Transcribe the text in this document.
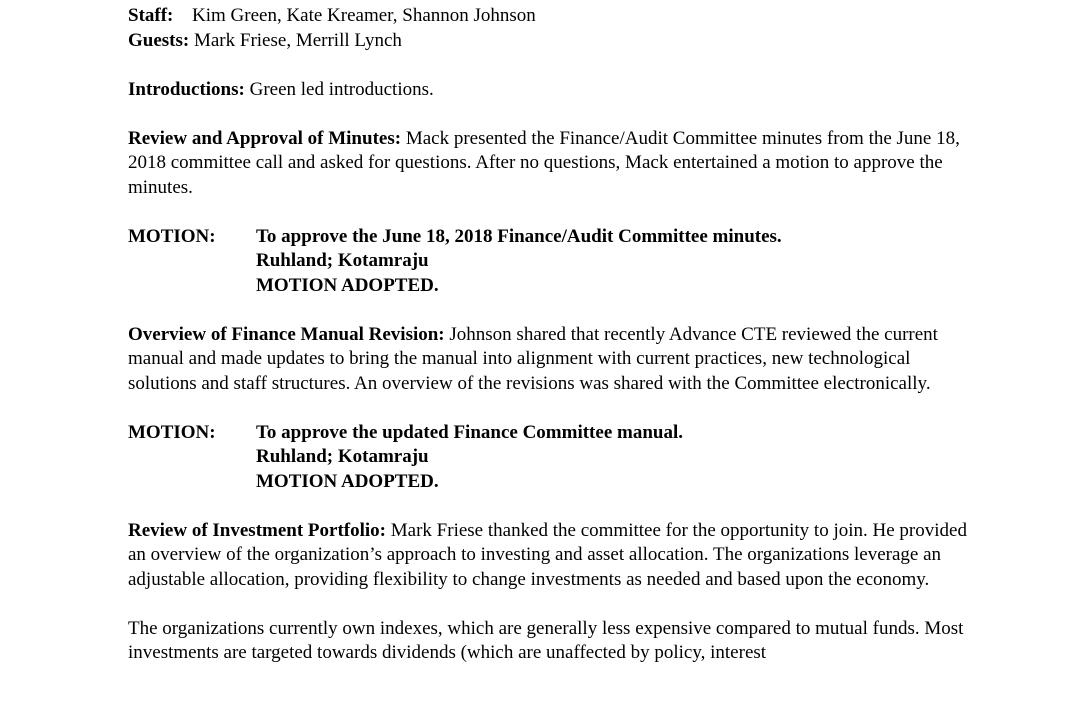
Staff: Kim Green, Kate Kreamer, Shannon Johnson

Guests: Mark Friese, Merrill Lynch

Introductions: Green led introductions.

Review and Approval of Minutes: Mack presented the Finance/Audit Committee minutes from the June 18, 2018 committee call and asked for questions. After no questions, Mack entertained a motion to approve the minutes.

MOTION:	To approve the June 18, 2018 Finance/Audit Committee minutes.
Ruhland; Kotamraju
MOTION ADOPTED.

Overview of Finance Manual Revision: Johnson shared that recently Advance CTE reviewed the current manual and made updates to bring the manual into alignment with current practices, new technological solutions and staff structures. An overview of the revisions was shared with the Committee electronically.

MOTION:	To approve the updated Finance Committee manual.
Ruhland; Kotamraju
MOTION ADOPTED.

Review of Investment Portfolio: Mark Friese thanked the committee for the opportunity to join. He provided an overview of the organization’s approach to investing and asset allocation. The organizations leverage an adjustable allocation, providing flexibility to change investments as needed and based upon the economy.

The organizations currently own indexes, which are generally less expensive compared to mutual funds. Most investments are targeted towards dividends (which are unaffected by policy, interest
